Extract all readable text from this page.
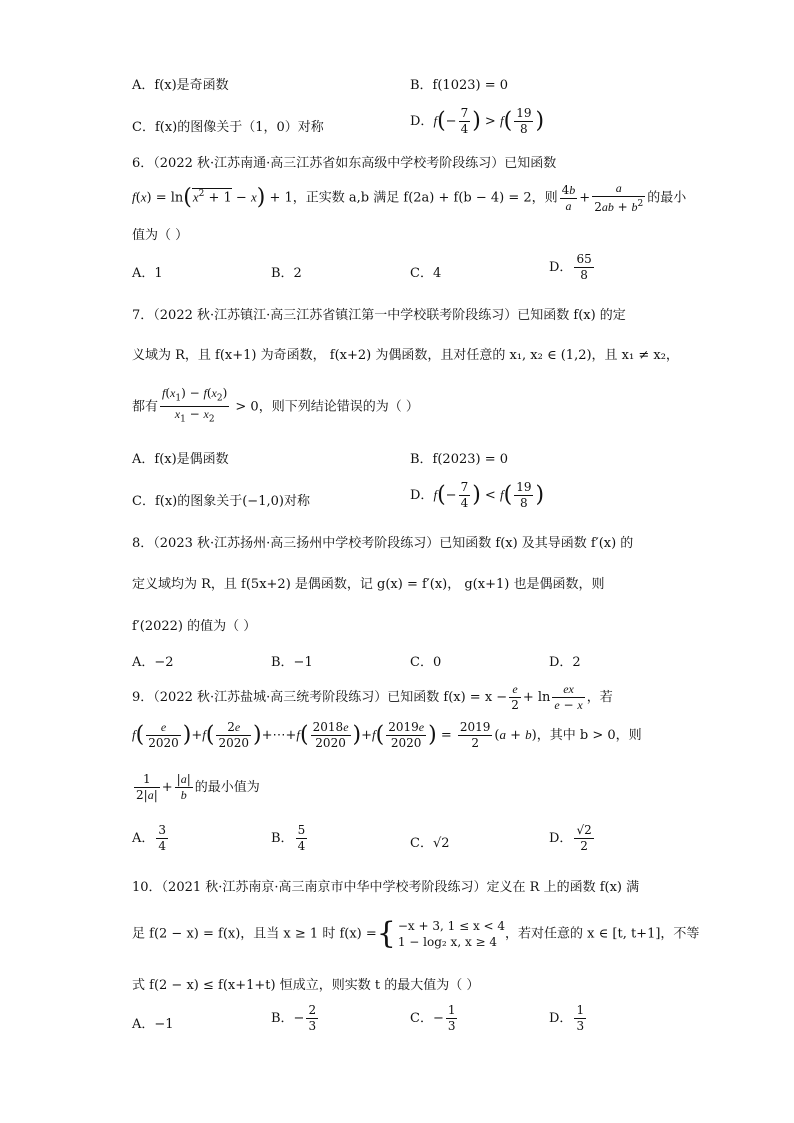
A．f(x)是奇函数	B．f(1023) = 0
C．f(x)的图像关于（1，0）对称	D．$f(- \frac{7}{4}$ ) > $f( \frac{19}{8}$ )
6．（2022 秋·江苏南通·高三江苏省如东高级中学校考阶段练习）已知函数
$f(x) = \ln(x^2 + 1 - x) + 1$，正实数 a,b 满足 f(2a) + f(b − 4) = 2，则 $\frac{4b}{a} + \frac{a}{2ab + b^2}$ 的最小
值为（ ）
A．1	B．2	C．4	D． $\frac{65}{8}$
7．（2022 秋·江苏镇江·高三江苏省镇江第一中学校联考阶段练习）已知函数 f(x) 的定
义域为 R，且 f(x+1) 为奇函数， f(x+2) 为偶函数，且对任意的 x₁, x₂ ∈ (1,2)，且 x₁ ≠ x₂，
都有 $\frac{f(x_1) - f(x_2)}{x_1 - x_2} > 0$，则下列结论错误的为（ ）
A．f(x)是偶函数	B．f(2023) = 0
C．f(x)的图象关于(−1,0)对称	D．$f(- \frac{7}{4}$ ) < $f( \frac{19}{8}$ )
8．（2023 秋·江苏扬州·高三扬州中学校考阶段练习）已知函数 f(x) 及其导函数 f′(x) 的
定义域均为 R，且 f(5x+2) 是偶函数，记 g(x) = f′(x)， g(x+1) 也是偶函数，则
f′(2022) 的值为（ ）
A．−2	B．−1	C．0	D．2
9．（2022 秋·江苏盐城·高三统考阶段练习）已知函数 $f(x) = x - \frac{e}{2} + \ln \frac{ex}{e - x}$ ，若
$f( \frac{e}{2020} )+f( \frac{2e}{2020}$ )+⋯+f( $\frac{2018e}{2020} )+f( \frac{2019e}{2020}$ ) = $\frac{2019}{2} (a + b)$，其中 b > 0，则
$\frac{1}{2|a|} + \frac{|a|}{b}$ 的最小值为
A． $\frac{3}{4}$	B． $\frac{5}{4}$	C．√2	D． $\frac{√2}{2}$
10．（2021 秋·江苏南京·高三南京市中华中学校考阶段练习）定义在 R 上的函数 f(x) 满
足 f(2 − x) = f(x)，且当 x ≥ 1 时 f(x) ={ −x + 3, 1 ≤ x < 4
1 − log₂ x, x ≥ 4
，若对任意的 x ∈ [t, t+1]，不等
式 f(2 − x) ≤ f(x+1+t) 恒成立，则实数 t 的最大值为（ ）
A．−1	B．− $\frac{2}{3}$	C．− $\frac{1}{3}$	D． $\frac{1}{3}$
